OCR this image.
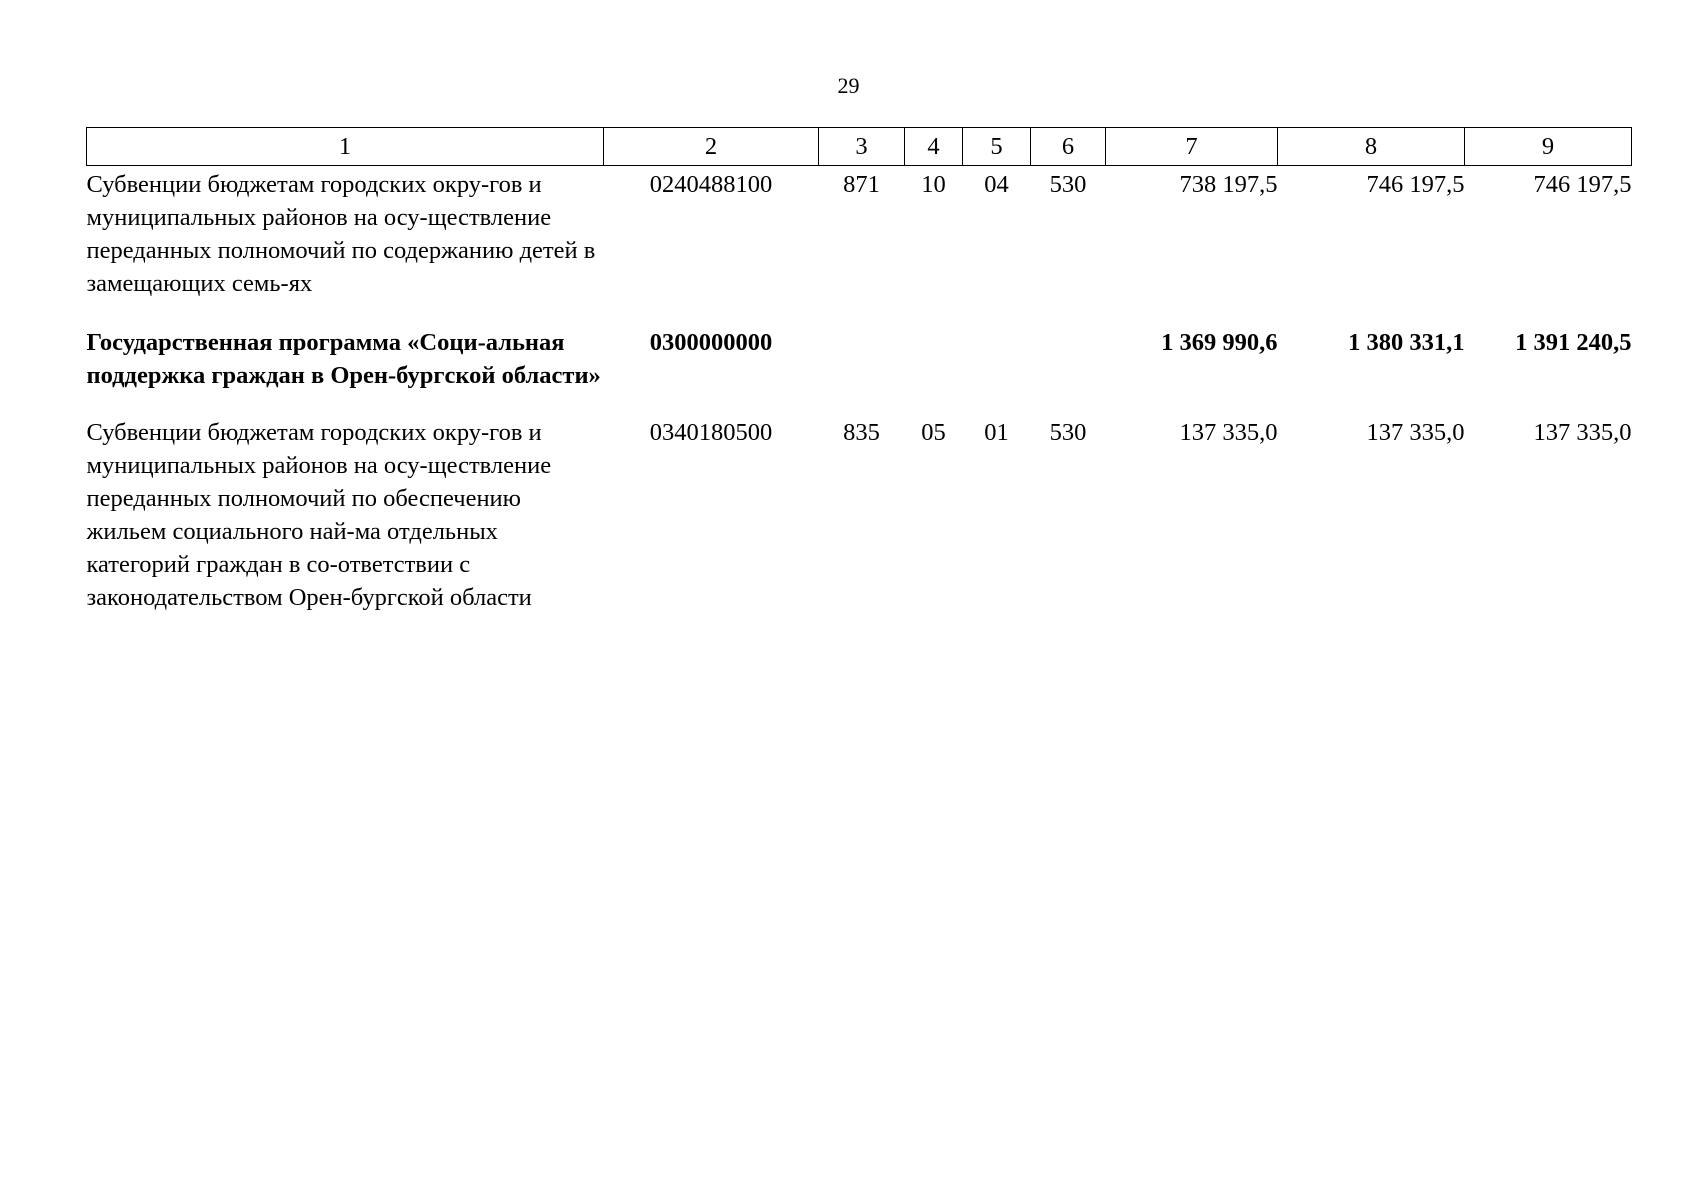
29
1	2	3	4	5	6	7	8	9
Субвенции бюджетам городских окру-гов и муниципальных районов на осу-ществление переданных полномочий по содержанию детей в замещающих семь-ях	0240488100	871	10	04	530	738 197,5	746 197,5	746 197,5
Государственная программа «Соци-альная поддержка граждан в Орен-бургской области»	0300000000					1 369 990,6	1 380 331,1	1 391 240,5
Субвенции бюджетам городских окру-гов и муниципальных районов на осу-ществление переданных полномочий по обеспечению жильем социального най-ма отдельных категорий граждан в со-ответствии с законодательством Орен-бургской области	0340180500	835	05	01	530	137 335,0	137 335,0	137 335,0
